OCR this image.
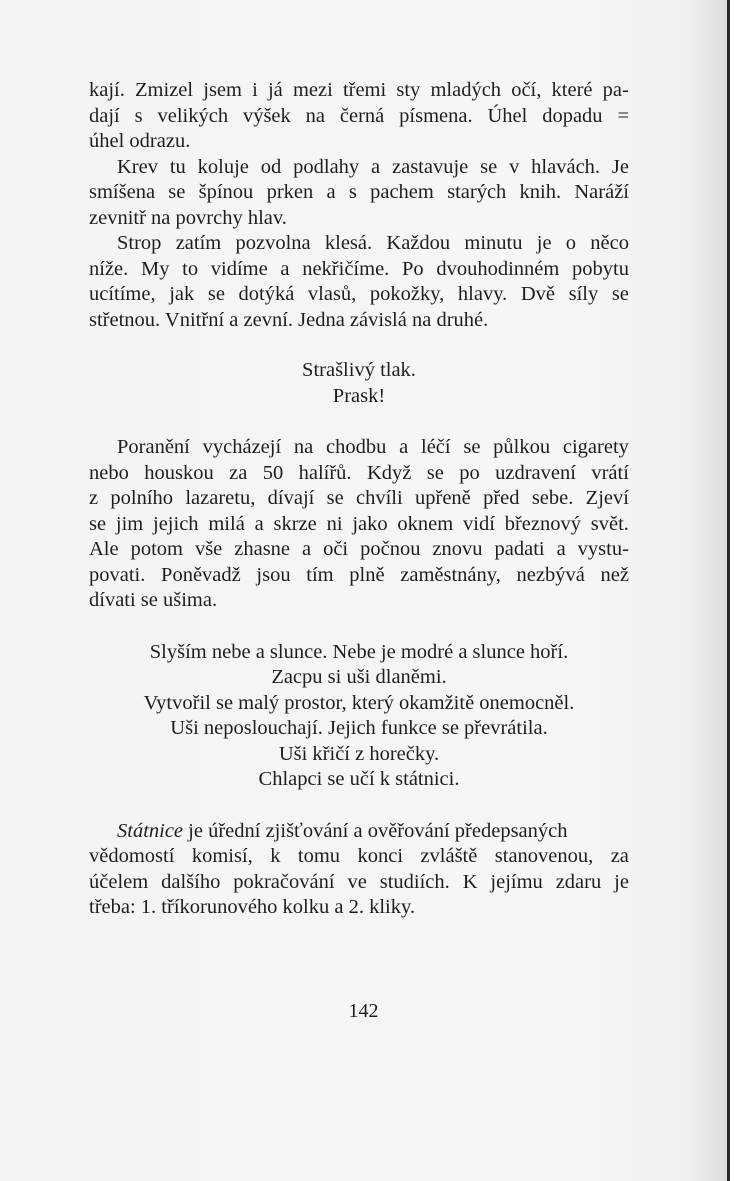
kají. Zmizel jsem i já mezi třemi sty mladých očí, které pa-
dají s velikých výšek na černá písmena. Úhel dopadu =
úhel odrazu.
Krev tu koluje od podlahy a zastavuje se v hlavách. Je
smíšena se špínou prken a s pachem starých knih. Naráží
zevnitř na povrchy hlav.
Strop zatím pozvolna klesá. Každou minutu je o něco
níže. My to vidíme a nekřičíme. Po dvouhodinném pobytu
ucítíme, jak se dotýká vlasů, pokožky, hlavy. Dvě síly se
střetnou. Vnitřní a zevní. Jedna závislá na druhé.
Strašlivý tlak.
Prask!
Poranění vycházejí na chodbu a léčí se půlkou cigarety
nebo houskou za 50 halířů. Když se po uzdravení vrátí
z polního lazaretu, dívají se chvíli upřeně před sebe. Zjeví
se jim jejich milá a skrze ni jako oknem vidí březnový svět.
Ale potom vše zhasne a oči počnou znovu padati a vystu-
povati. Poněvadž jsou tím plně zaměstnány, nezbývá než
dívati se ušima.
Slyším nebe a slunce. Nebe je modré a slunce hoří.
Zacpu si uši dlaněmi.
Vytvořil se malý prostor, který okamžitě onemocněl.
Uši neposlouchají. Jejich funkce se převrátila.
Uši křičí z horečky.
Chlapci se učí k státnici.
Státnice je úřední zjišťování a ověřování předepsaných
vědomostí komisí, k tomu konci zvláště stanovenou, za
účelem dalšího pokračování ve studiích. K jejímu zdaru je
třeba: 1. tříkorunového kolku a 2. kliky.
142
